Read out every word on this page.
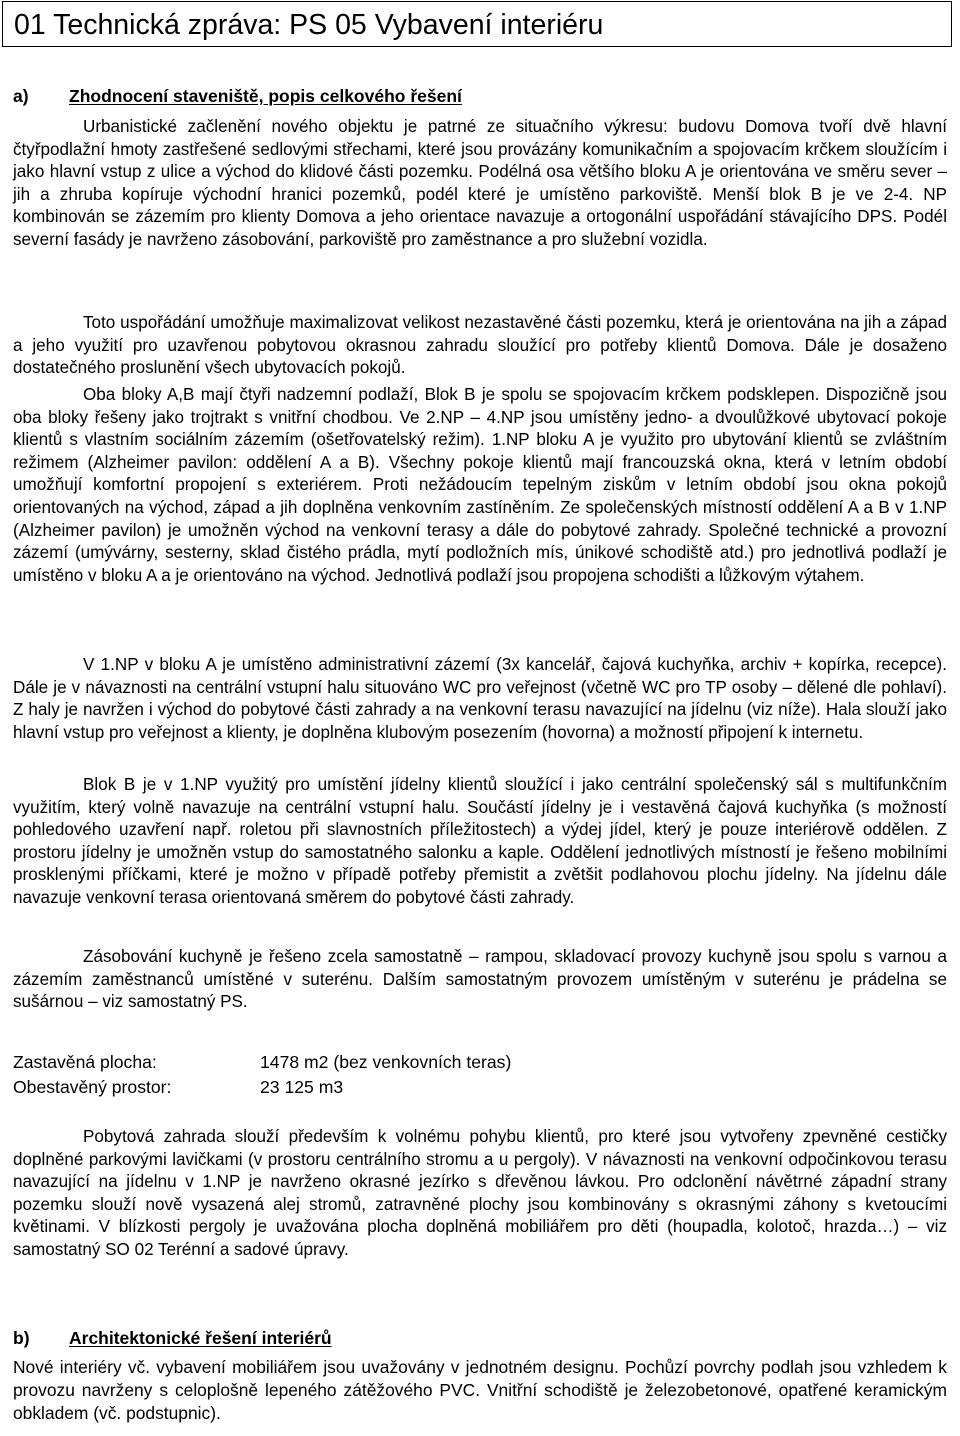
01 Technická zpráva: PS 05 Vybavení interiéru
a) Zhodnocení staveniště, popis celkového řešení

Urbanistické začlenění nového objektu je patrné ze situačního výkresu: budovu Domova tvoří dvě hlavní čtyřpodlažní hmoty zastřešené sedlovými střechami, které jsou provázány komunikačním a spojovacím krčkem sloužícím i jako hlavní vstup z ulice a východ do klidové části pozemku. Podélná osa většího bloku A je orientována ve směru sever – jih a zhruba kopíruje východní hranici pozemků, podél které je umístěno parkoviště. Menší blok B je ve 2-4. NP kombinován se zázemím pro klienty Domova a jeho orientace navazuje a ortogonální uspořádání stávajícího DPS. Podél severní fasády je navrženo zásobování, parkoviště pro zaměstnance a pro služební vozidla.

Toto uspořádání umožňuje maximalizovat velikost nezastavěné části pozemku, která je orientována na jih a západ a jeho využití pro uzavřenou pobytovou okrasnou zahradu sloužící pro potřeby klientů Domova. Dále je dosaženo dostatečného proslunění všech ubytovacích pokojů.

Oba bloky A,B mají čtyři nadzemní podlaží, Blok B je spolu se spojovacím krčkem podsklepen. Dispozičně jsou oba bloky řešeny jako trojtrakt s vnitřní chodbou. Ve 2.NP – 4.NP jsou umístěny jedno- a dvoulůžkové ubytovací pokoje klientů s vlastním sociálním zázemím (ošetřovatelský režim). 1.NP bloku A je využito pro ubytování klientů se zvláštním režimem (Alzheimer pavilon: oddělení A a B). Všechny pokoje klientů mají francouzská okna, která v letním období umožňují komfortní propojení s exteriérem. Proti nežádoucím tepelným ziskům v letním období jsou okna pokojů orientovaných na východ, západ a jih doplněna venkovním zastíněním. Ze společenských místností oddělení A a B v 1.NP (Alzheimer pavilon) je umožněn východ na venkovní terasy a dále do pobytové zahrady. Společné technické a provozní zázemí (umývárny, sesterny, sklad čistého prádla, mytí podložních mís, únikové schodiště atd.) pro jednotlivá podlaží je umístěno v bloku A a je orientováno na východ. Jednotlivá podlaží jsou propojena schodišti a lůžkovým výtahem.

V 1.NP v bloku A je umístěno administrativní zázemí (3x kancelář, čajová kuchyňka, archiv + kopírka, recepce). Dále je v návaznosti na centrální vstupní halu situováno WC pro veřejnost (včetně WC pro TP osoby – dělené dle pohlaví). Z haly je navržen i východ do pobytové části zahrady a na venkovní terasu navazující na jídelnu (viz níže). Hala slouží jako hlavní vstup pro veřejnost a klienty, je doplněna klubovým posezením (hovorna) a možností připojení k internetu.

Blok B je v 1.NP využitý pro umístění jídelny klientů sloužící i jako centrální společenský sál s multifunkčním využitím, který volně navazuje na centrální vstupní halu. Součástí jídelny je i vestavěná čajová kuchyňka (s možností pohledového uzavření např. roletou při slavnostních příležitostech) a výdej jídel, který je pouze interiérově oddělen. Z prostoru jídelny je umožněn vstup do samostatného salonku a kaple. Oddělení jednotlivých místností je řešeno mobilními prosklenými příčkami, které je možno v případě potřeby přemistit a zvětšit podlahovou plochu jídelny. Na jídelnu dále navazuje venkovní terasa orientovaná směrem do pobytové části zahrady.

Zásobování kuchyně je řešeno zcela samostatně – rampou, skladovací provozy kuchyně jsou spolu s varnou a zázemím zaměstnanců umístěné v suterénu. Dalším samostatným provozem umístěným v suterénu je prádelna se sušárnou – viz samostatný PS.

Zastavěná plocha:	1478 m2 (bez venkovních teras)
Obestavěný prostor:	23 125 m3

Pobytová zahrada slouží především k volnému pohybu klientů, pro které jsou vytvořeny zpevněné cestičky doplněné parkovými lavičkami (v prostoru centrálního stromu a u pergoly). V návaznosti na venkovní odpočinkovou terasu navazující na jídelnu v 1.NP je navrženo okrasné jezírko s dřevěnou lávkou. Pro odclonění návětrné západní strany pozemku slouží nově vysazená alej stromů, zatravněné plochy jsou kombinovány s okrasnými záhony s kvetoucími květinami. V blízkosti pergoly je uvažována plocha doplněná mobiliářem pro děti (houpadla, kolotoč, hrazda…) – viz samostatný SO 02 Terénní a sadové úpravy.

b) Architektonické řešení interiérů

Nové interiéry vč. vybavení mobiliářem jsou uvažovány v jednotném designu. Pochůzí povrchy podlah jsou vzhledem k provozu navrženy s celoplošně lepeného zátěžového PVC. Vnitřní schodiště je železobetonové, opatřené keramickým obkladem (vč. podstupnic).
